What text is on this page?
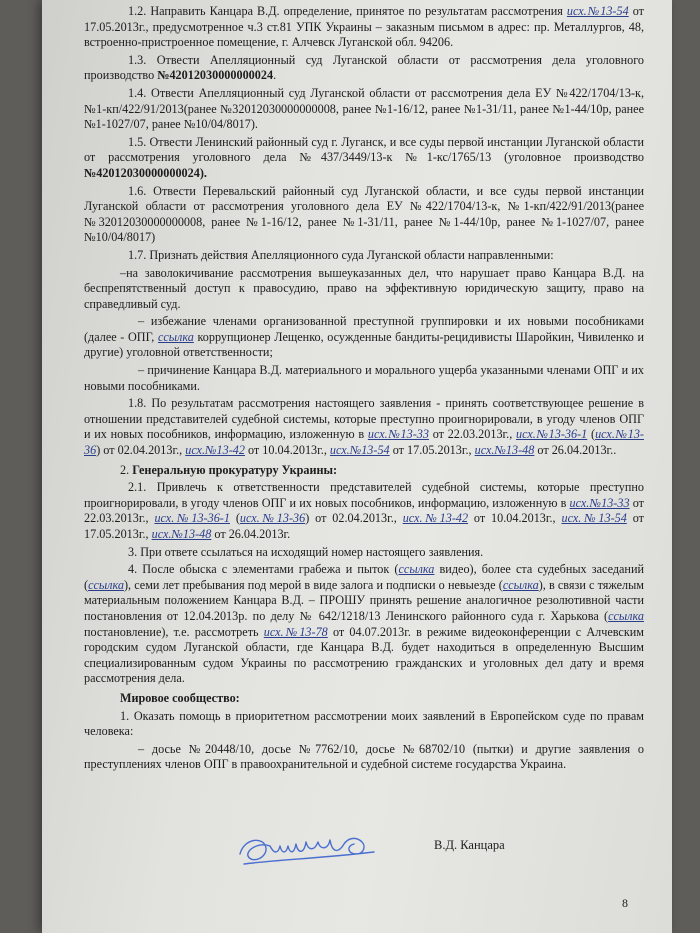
1.2. Направить Канцара В.Д. определение, принятое по результатам рассмотрения исх.№13-54 от 17.05.2013г., предусмотренное ч.3 ст.81 УПК Украины – заказным письмом в адрес: пр. Металлургов, 48, встроенно-пристроенное помещение, г. Алчевск Луганской обл. 94206.
1.3. Отвести Апелляционный суд Луганской области от рассмотрения дела уголовного производство №42012030000000024.
1.4. Отвести Апелляционный суд Луганской области от рассмотрения дела ЕУ №422/1704/13-к, №1-кп/422/91/2013(ранее №32012030000000008, ранее №1-16/12, ранее №1-31/11, ранее №1-44/10р, ранее №1-1027/07, ранее №10/04/8017).
1.5. Отвести Ленинский районный суд г. Луганск, и все суды первой инстанции Луганской области от рассмотрения уголовного дела №437/3449/13-к №1-кс/1765/13 (уголовное производство №42012030000000024).
1.6. Отвести Перевальский районный суд Луганской области, и все суды первой инстанции Луганской области от рассмотрения уголовного дела ЕУ №422/1704/13-к, №1-кп/422/91/2013(ранее №32012030000000008, ранее №1-16/12, ранее №1-31/11, ранее №1-44/10р, ранее №1-1027/07, ранее №10/04/8017)
1.7. Признать действия Апелляционного суда Луганской области направленными:
–на заволокичивание рассмотрения вышеуказанных дел, что нарушает право Канцара В.Д. на беспрепятственный доступ к правосудию, право на эффективную юридическую защиту, право на справедливый суд.
– избежание членами организованной преступной группировки и их новыми пособниками (далее - ОПГ, ссылка коррупционер Лещенко, осужденные бандиты-рецидивисты Шаройкин, Чивиленко и другие) уголовной ответственности;
– причинение Канцара В.Д. материального и морального ущерба указанными членами ОПГ и их новыми пособниками.
1.8. По результатам рассмотрения настоящего заявления - принять соответствующее решение в отношении представителей судебной системы, которые преступно проигнорировали, в угоду членов ОПГ и их новых пособников, информацию, изложенную в исх.№13-33 от 22.03.2013г., исх.№13-36-1 (исх.№13-36) от 02.04.2013г., исх.№13-42 от 10.04.2013г., исх.№13-54 от 17.05.2013г., исх.№13-48 от 26.04.2013г..
2. Генеральную прокуратуру Украины:
2.1. Привлечь к ответственности представителей судебной системы, которые преступно проигнорировали, в угоду членов ОПГ и их новых пособников, информацию, изложенную в исх.№13-33 от 22.03.2013г., исх.№13-36-1 (исх.№13-36) от 02.04.2013г., исх.№13-42 от 10.04.2013г., исх.№13-54 от 17.05.2013г., исх.№13-48 от 26.04.2013г.
3. При ответе ссылаться на исходящий номер настоящего заявления.
4. После обыска с элементами грабежа и пыток (ссылка видео), более ста судебных заседаний (ссылка), семи лет пребывания под мерой в виде залога и подписки о невыезде (ссылка), в связи с тяжелым материальным положением Канцара В.Д. – ПРОШУ принять решение аналогичное резолютивной части постановления от 12.04.2013р. по делу № 642/1218/13 Ленинского районного суда г. Харькова (ссылка постановление), т.е. рассмотреть исх.№13-78 от 04.07.2013г. в режиме видеоконференции с Алчевским городским судом Луганской области, где Канцара В.Д. будет находиться в определенную Высшим специализированным судом Украины по рассмотрению гражданских и уголовных дел дату и время рассмотрения дела.
Мировое сообщество:
1. Оказать помощь в приоритетном рассмотрении моих заявлений в Европейском суде по правам человека:
– досье №20448/10, досье №7762/10, досье №68702/10 (пытки) и другие заявления о преступлениях членов ОПГ в правоохранительной и судебной системе государства Украина.
В.Д. Канцара
8
